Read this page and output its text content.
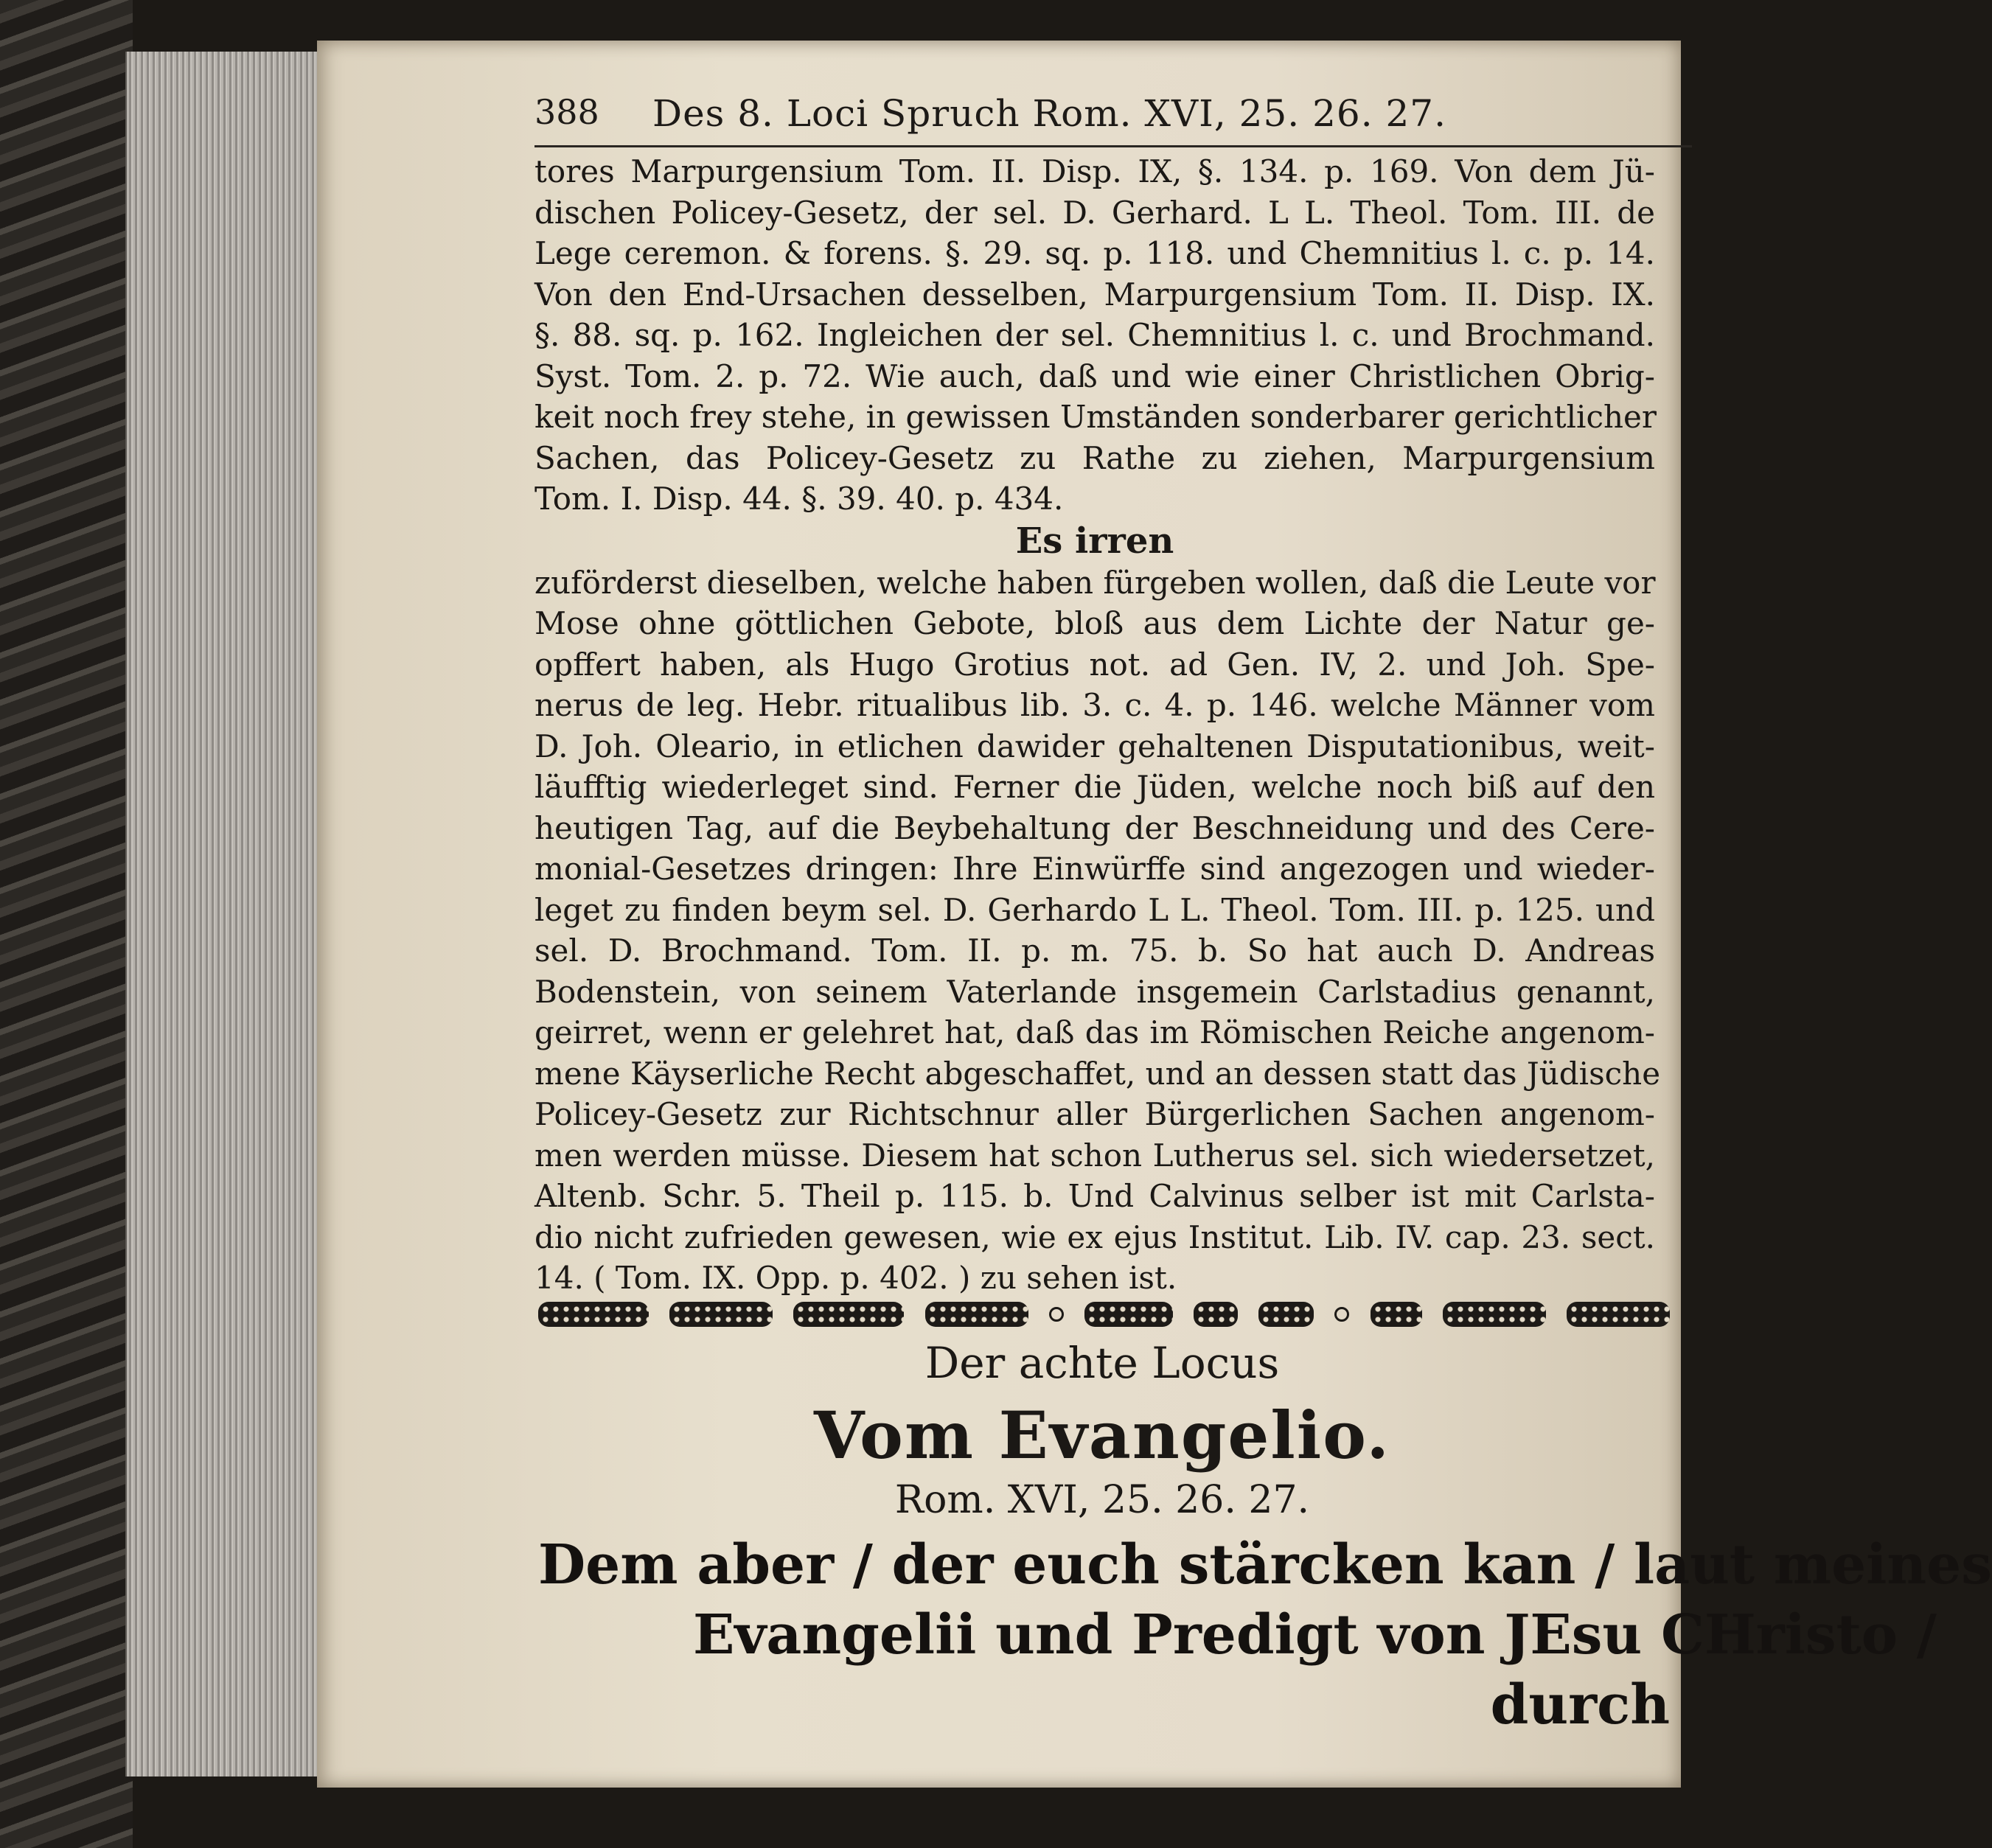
388 Des 8. Loci Spruch Rom. XVI, 25. 26. 27.
tores Marpurgensium Tom. II. Disp. IX, §. 134. p. 169. Von dem Jü-
dischen Policey-Gesetz, der sel. D. Gerhard. L L. Theol. Tom. III. de
Lege ceremon. & forens. §. 29. sq. p. 118. und Chemnitius l. c. p. 14.
Von den End-Ursachen desselben, Marpurgensium Tom. II. Disp. IX.
§. 88. sq. p. 162. Ingleichen der sel. Chemnitius l. c. und Brochmand.
Syst. Tom. 2. p. 72. Wie auch, daß und wie einer Christlichen Obrig-
keit noch frey stehe, in gewissen Umständen sonderbarer gerichtlicher
Sachen, das Policey-Gesetz zu Rathe zu ziehen, Marpurgensium
Tom. I. Disp. 44. §. 39. 40. p. 434.
Es irren
zuförderst dieselben, welche haben fürgeben wollen, daß die Leute vor
Mose ohne göttlichen Gebote, bloß aus dem Lichte der Natur ge-
opffert haben, als Hugo Grotius not. ad Gen. IV, 2. und Joh. Spe-
nerus de leg. Hebr. ritualibus lib. 3. c. 4. p. 146. welche Männer vom
D. Joh. Oleario, in etlichen dawider gehaltenen Disputationibus, weit-
läufftig wiederleget sind. Ferner die Jüden, welche noch biß auf den
heutigen Tag, auf die Beybehaltung der Beschneidung und des Cere-
monial-Gesetzes dringen: Ihre Einwürffe sind angezogen und wieder-
leget zu finden beym sel. D. Gerhardo L L. Theol. Tom. III. p. 125. und
sel. D. Brochmand. Tom. II. p. m. 75. b. So hat auch D. Andreas
Bodenstein, von seinem Vaterlande insgemein Carlstadius genannt,
geirret, wenn er gelehret hat, daß das im Römischen Reiche angenom-
mene Käyserliche Recht abgeschaffet, und an dessen statt das Jüdische
Policey-Gesetz zur Richtschnur aller Bürgerlichen Sachen angenom-
men werden müsse. Diesem hat schon Lutherus sel. sich wiedersetzet,
Altenb. Schr. 5. Theil p. 115. b. Und Calvinus selber ist mit Carlsta-
dio nicht zufrieden gewesen, wie ex ejus Institut. Lib. IV. cap. 23. sect.
14. ( Tom. IX. Opp. p. 402. ) zu sehen ist.
Der achte Locus
Vom Evangelio.
Rom. XVI, 25. 26. 27.
Dem aber / der euch stärcken kan / laut meines
Evangelii und Predigt von JEsu CHristo /
durch
